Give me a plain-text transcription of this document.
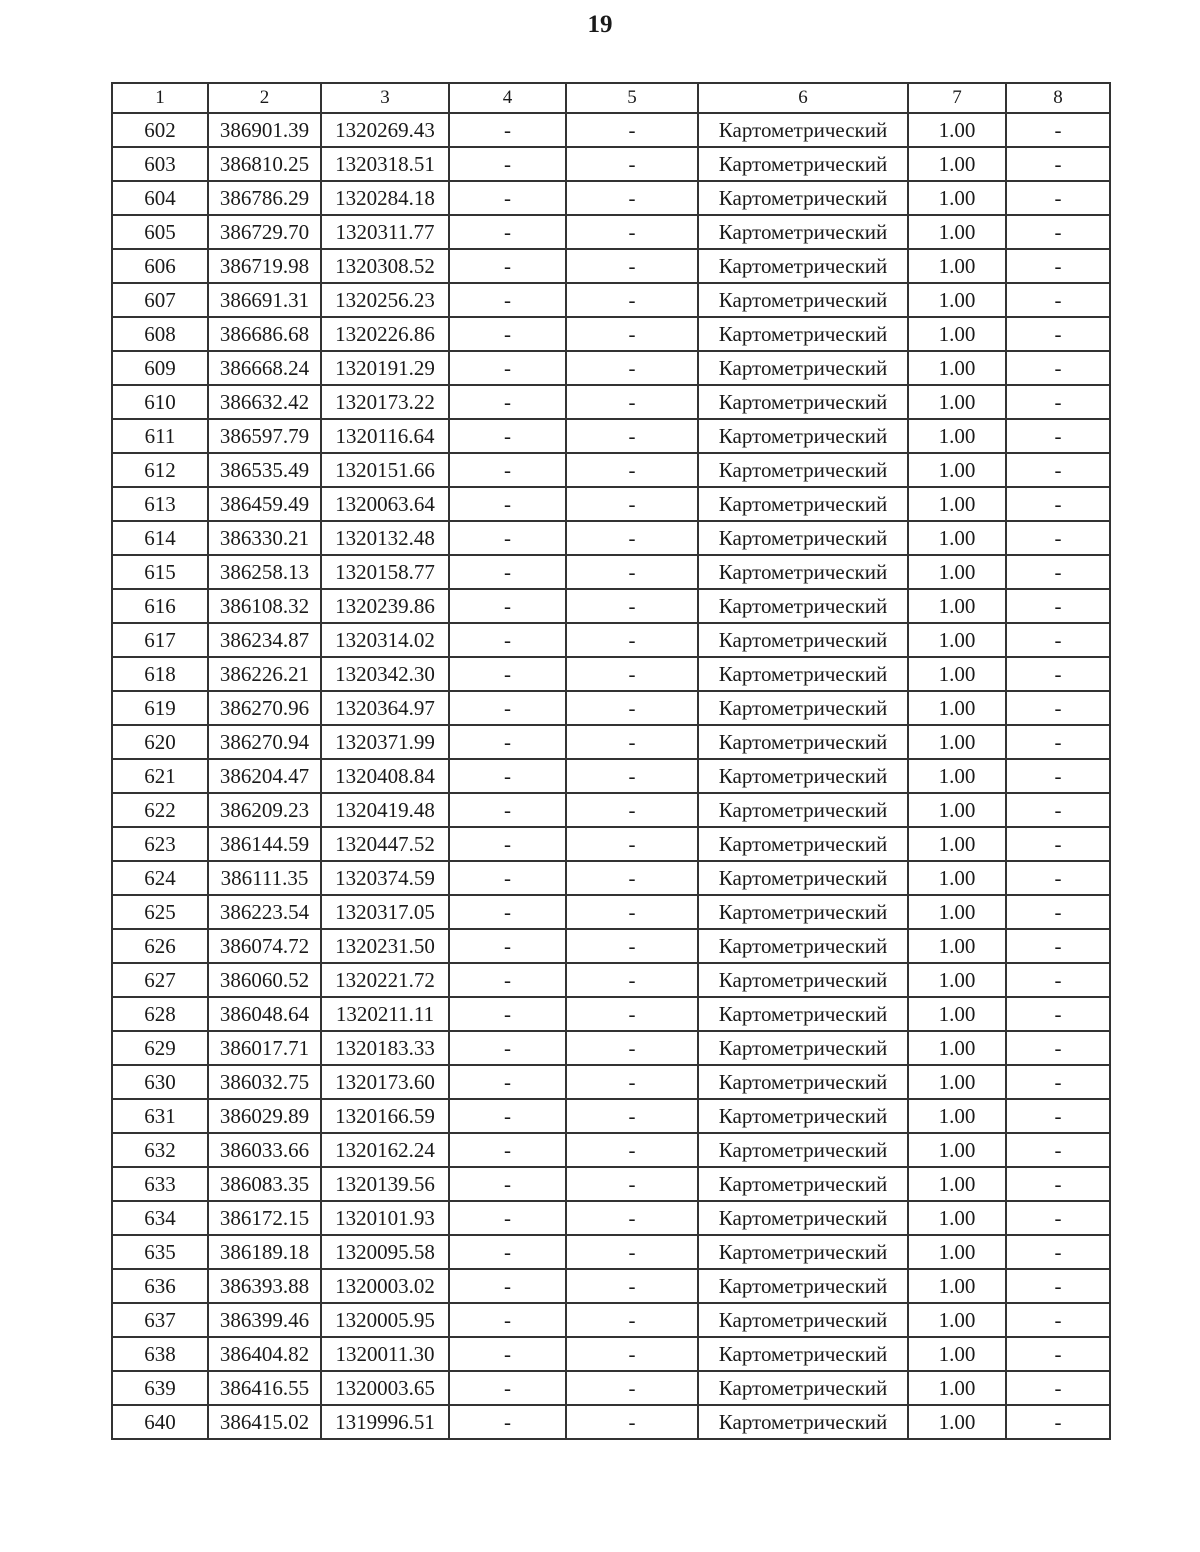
19
1	2	3	4	5	6	7	8
602	386901.39	1320269.43	-	-	Картометрический	1.00	-
603	386810.25	1320318.51	-	-	Картометрический	1.00	-
604	386786.29	1320284.18	-	-	Картометрический	1.00	-
605	386729.70	1320311.77	-	-	Картометрический	1.00	-
606	386719.98	1320308.52	-	-	Картометрический	1.00	-
607	386691.31	1320256.23	-	-	Картометрический	1.00	-
608	386686.68	1320226.86	-	-	Картометрический	1.00	-
609	386668.24	1320191.29	-	-	Картометрический	1.00	-
610	386632.42	1320173.22	-	-	Картометрический	1.00	-
611	386597.79	1320116.64	-	-	Картометрический	1.00	-
612	386535.49	1320151.66	-	-	Картометрический	1.00	-
613	386459.49	1320063.64	-	-	Картометрический	1.00	-
614	386330.21	1320132.48	-	-	Картометрический	1.00	-
615	386258.13	1320158.77	-	-	Картометрический	1.00	-
616	386108.32	1320239.86	-	-	Картометрический	1.00	-
617	386234.87	1320314.02	-	-	Картометрический	1.00	-
618	386226.21	1320342.30	-	-	Картометрический	1.00	-
619	386270.96	1320364.97	-	-	Картометрический	1.00	-
620	386270.94	1320371.99	-	-	Картометрический	1.00	-
621	386204.47	1320408.84	-	-	Картометрический	1.00	-
622	386209.23	1320419.48	-	-	Картометрический	1.00	-
623	386144.59	1320447.52	-	-	Картометрический	1.00	-
624	386111.35	1320374.59	-	-	Картометрический	1.00	-
625	386223.54	1320317.05	-	-	Картометрический	1.00	-
626	386074.72	1320231.50	-	-	Картометрический	1.00	-
627	386060.52	1320221.72	-	-	Картометрический	1.00	-
628	386048.64	1320211.11	-	-	Картометрический	1.00	-
629	386017.71	1320183.33	-	-	Картометрический	1.00	-
630	386032.75	1320173.60	-	-	Картометрический	1.00	-
631	386029.89	1320166.59	-	-	Картометрический	1.00	-
632	386033.66	1320162.24	-	-	Картометрический	1.00	-
633	386083.35	1320139.56	-	-	Картометрический	1.00	-
634	386172.15	1320101.93	-	-	Картометрический	1.00	-
635	386189.18	1320095.58	-	-	Картометрический	1.00	-
636	386393.88	1320003.02	-	-	Картометрический	1.00	-
637	386399.46	1320005.95	-	-	Картометрический	1.00	-
638	386404.82	1320011.30	-	-	Картометрический	1.00	-
639	386416.55	1320003.65	-	-	Картометрический	1.00	-
640	386415.02	1319996.51	-	-	Картометрический	1.00	-
